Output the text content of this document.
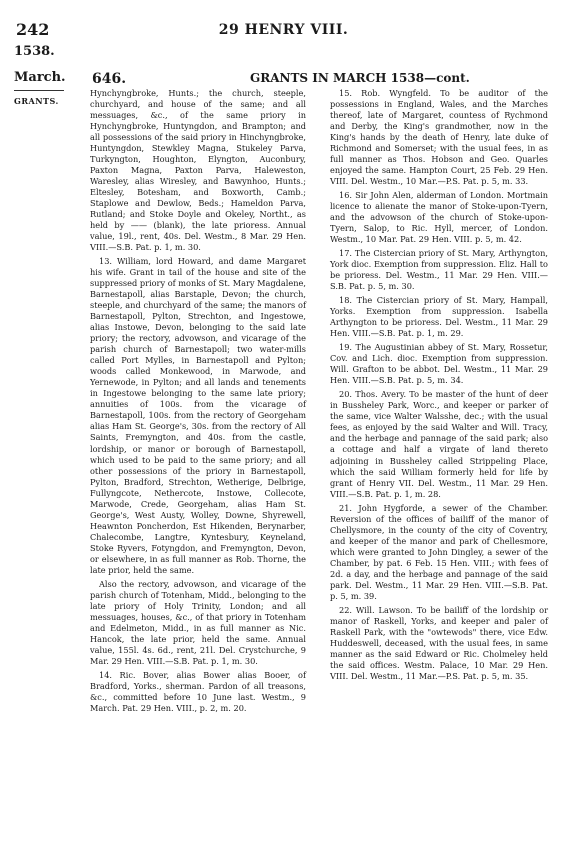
242	29 HENRY VIII.
1538.
March.
GRANTS.
646.	GRANTS IN MARCH 1538—cont.

Hynchyngbroke, Hunts.; the church, steeple, churchyard, and house of the same; and all messuages, &c., of the same priory in Hynchyngbroke, Huntyngdon, and Brampton; and all possessions of the said priory in Hinchyngbroke, Huntyngdon, Stewkley Magna, Stukeley Parva, Turkyngton, Houghton, Elyngton, Auconbury, Paxton Magna, Paxton Parva, Haleweston, Waresley, alias Wiresley, and Bawynhoo, Hunts.; Eltesley, Botesham, and Boxworth, Camb.; Staplowe and Dewlow, Beds.; Hameldon Parva, Rutland; and Stoke Doyle and Okeley, Northt., as held by —— (blank), the late prioress. Annual value, 19l., rent, 40s. Del. Westm., 8 Mar. 29 Hen. VIII.—S.B. Pat. p. 1, m. 30.

13. William, lord Howard, and dame Margaret his wife. Grant in tail of the house and site of the suppressed priory of monks of St. Mary Magdalene, Barnestapoll, alias Barstaple, Devon; the church, steeple, and churchyard of the same; the manors of Barnestapoll, Pylton, Strechton, and Ingestowe, alias Instowe, Devon, belonging to the said late priory; the rectory, advowson, and vicarage of the parish church of Barnestapoll; two water-mills called Port Mylles, in Barnestapoll and Pylton; woods called Monkewood, in Marwode, and Yernewode, in Pylton; and all lands and tenements in Ingestowe belonging to the same late priory; annuities of 100s. from the vicarage of Barnestapoll, 100s. from the rectory of Georgeham alias Ham St. George's, 30s. from the rectory of All Saints, Fremyngton, and 40s. from the castle, lordship, or manor or borough of Barnestapoll, which used to be paid to the same priory; and all other possessions of the priory in Barnestapoll, Pylton, Bradford, Strechton, Wetherige, Delbrige, Fullyngcote, Nethercote, Instowe, Collecote, Marwode, Crede, Georgeham, alias Ham St. George's, West Austy, Wolley, Downe, Shyrewell, Heawnton Poncherdon, Est Hikenden, Berynarber, Chalecombe, Langtre, Kyntesbury, Keyneland, Stoke Ryvers, Fotyngdon, and Fremyngton, Devon, or elsewhere, in as full manner as Rob. Thorne, the late prior, held the same.

Also the rectory, advowson, and vicarage of the parish church of Totenham, Midd., belonging to the late priory of Holy Trinity, London; and all messuages, houses, &c., of that priory in Totenham and Edelmeton, Midd., in as full manner as Nic. Hancok, the late prior, held the same. Annual value, 155l. 4s. 6d., rent, 21l. Del. Crystchurche, 9 Mar. 29 Hen. VIII.—S.B. Pat. p. 1, m. 30.

14. Ric. Bover, alias Bower alias Booer, of Bradford, Yorks., sherman. Pardon of all treasons, &c., committed before 10 June last. Westm., 9 March. Pat. 29 Hen. VIII., p. 2, m. 20.

15. Rob. Wyngfeld. To be auditor of the possessions in England, Wales, and the Marches thereof, late of Margaret, countess of Rychmond and Derby, the King's grandmother, now in the King's hands by the death of Henry, late duke of Richmond and Somerset; with the usual fees, in as full manner as Thos. Hobson and Geo. Quarles enjoyed the same. Hampton Court, 25 Feb. 29 Hen. VIII. Del. Westm., 10 Mar.—P.S. Pat. p. 5, m. 33.

16. Sir John Alen, alderman of London. Mortmain licence to alienate the manor of Stoke-upon-Tyern, and the advowson of the church of Stoke-upon-Tyern, Salop, to Ric. Hyll, mercer, of London. Westm., 10 Mar. Pat. 29 Hen. VIII. p. 5, m. 42.

17. The Cistercian priory of St. Mary, Arthyngton, York dioc. Exemption from suppression. Eliz. Hall to be prioress. Del. Westm., 11 Mar. 29 Hen. VIII.—S.B. Pat. p. 5, m. 30.

18. The Cistercian priory of St. Mary, Hampall, Yorks. Exemption from suppression. Isabella Arthyngton to be prioress. Del. Westm., 11 Mar. 29 Hen. VIII.—S.B. Pat. p. 1, m. 29.

19. The Augustinian abbey of St. Mary, Rossetur, Cov. and Lich. dioc. Exemption from suppression. Will. Grafton to be abbot. Del. Westm., 11 Mar. 29 Hen. VIII.—S.B. Pat. p. 5, m. 34.

20. Thos. Avery. To be master of the hunt of deer in Bussheley Park, Worc., and keeper or parker of the same, vice Walter Walsshe, dec.; with the usual fees, as enjoyed by the said Walter and Will. Tracy, and the herbage and pannage of the said park; also a cottage and half a virgate of land thereto adjoining in Bussheley called Strippeling Place, which the said William formerly held for life by grant of Henry VII. Del. Westm., 11 Mar. 29 Hen. VIII.—S.B. Pat. p. 1, m. 28.

21. John Hygforde, a sewer of the Chamber. Reversion of the offices of bailiff of the manor of Chellysmore, in the county of the city of Coventry, and keeper of the manor and park of Chellesmore, which were granted to John Dingley, a sewer of the Chamber, by pat. 6 Feb. 15 Hen. VIII.; with fees of 2d. a day, and the herbage and pannage of the said park. Del. Westm., 11 Mar. 29 Hen. VIII.—S.B. Pat. p. 5, m. 39.

22. Will. Lawson. To be bailiff of the lordship or manor of Raskell, Yorks, and keeper and paler of Raskell Park, with the "owtewods" there, vice Edw. Huddeswell, deceased, with the usual fees, in same manner as the said Edward or Ric. Cholmeley held the said offices. Westm. Palace, 10 Mar. 29 Hen. VIII. Del. Westm., 11 Mar.—P.S. Pat. p. 5, m. 35.
